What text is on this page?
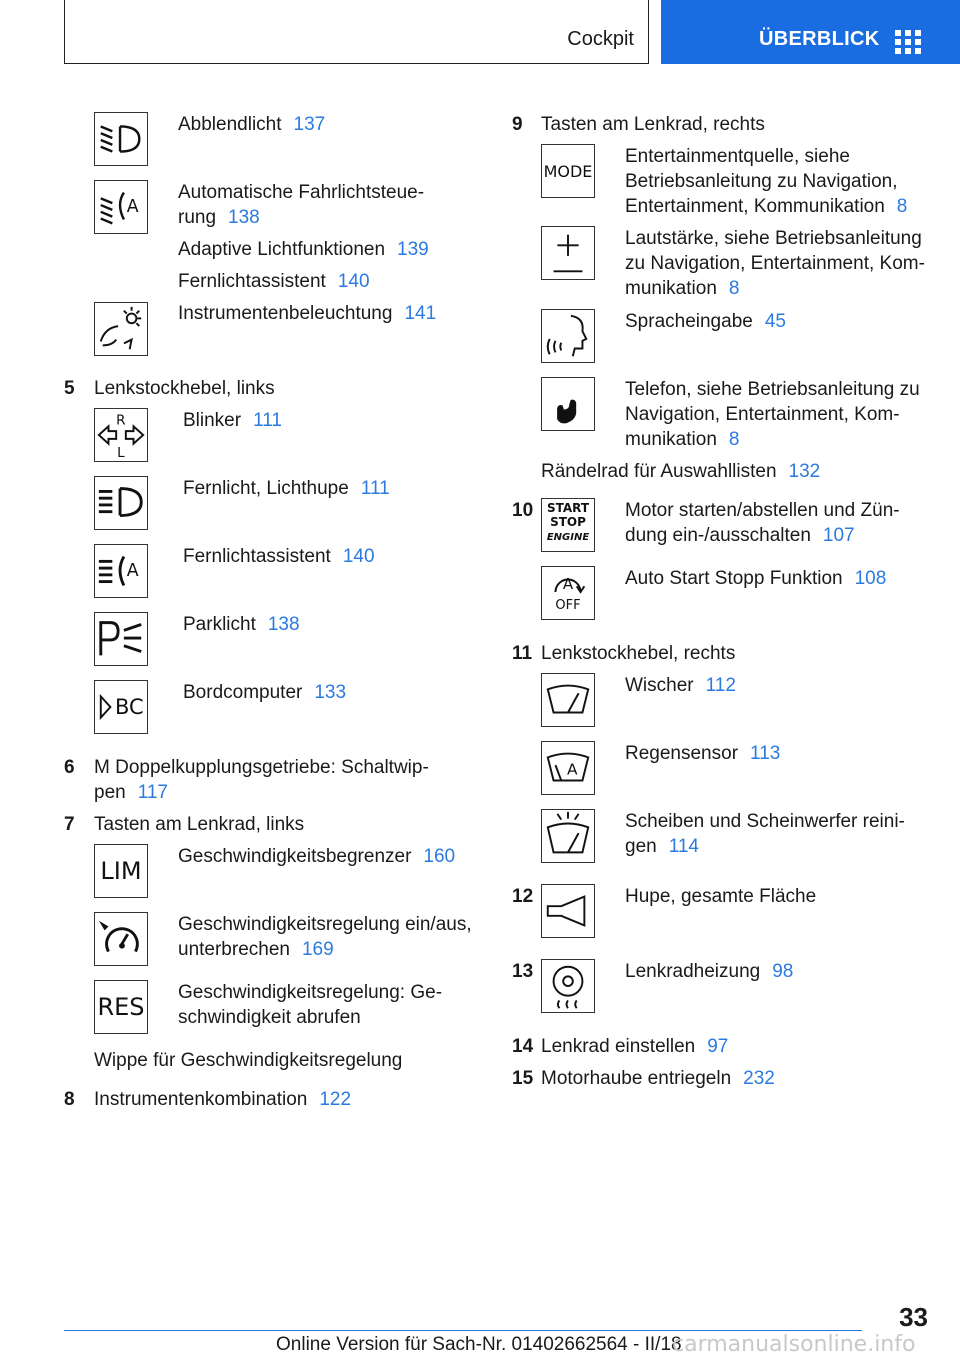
Cockpit	ÜBERBLICK
Abblendlicht 137
A
Automatische Fahrlichtsteue-
rung 138
Adaptive Lichtfunktionen 139
Fernlichtassistent 140
Instrumentenbeleuchtung 141
5 Lenkstockhebel, links
R
L
Blinker 111
Fernlicht, Lichthupe 111
A
Fernlichtassistent 140
Parklicht 138
BC
Bordcomputer 133
6 M Doppelkupplungsgetriebe: Schaltwip-
pen 117
7 Tasten am Lenkrad, links
LIM
Geschwindigkeitsbegrenzer 160
Geschwindigkeitsregelung ein/aus,
unterbrechen 169
RES
Geschwindigkeitsregelung: Ge-
schwindigkeit abrufen
Wippe für Geschwindigkeitsregelung
8 Instrumentenkombination 122
9 Tasten am Lenkrad, rechts
MODE
Entertainmentquelle, siehe
Betriebsanleitung zu Navigation,
Entertainment, Kommunikation 8
Lautstärke, siehe Betriebsanleitung
zu Navigation, Entertainment, Kom-
munikation 8
Spracheingabe 45
Telefon, siehe Betriebsanleitung zu
Navigation, Entertainment, Kom-
munikation 8
Rändelrad für Auswahllisten 132
10	START
STOP
ENGINE
Motor starten/abstellen und Zün-
dung ein-/ausschalten 107
A
OFF
Auto Start Stopp Funktion 108
11 Lenkstockhebel, rechts
Wischer 112
A
Regensensor 113
Scheiben und Scheinwerfer reini-
gen 114
12	Hupe, gesamte Fläche
13	Lenkradheizung 98
14 Lenkrad einstellen 97
15 Motorhaube entriegeln 232
33
Online Version für Sach-Nr. 01402662564 - II/18
carmanualsonline.info
